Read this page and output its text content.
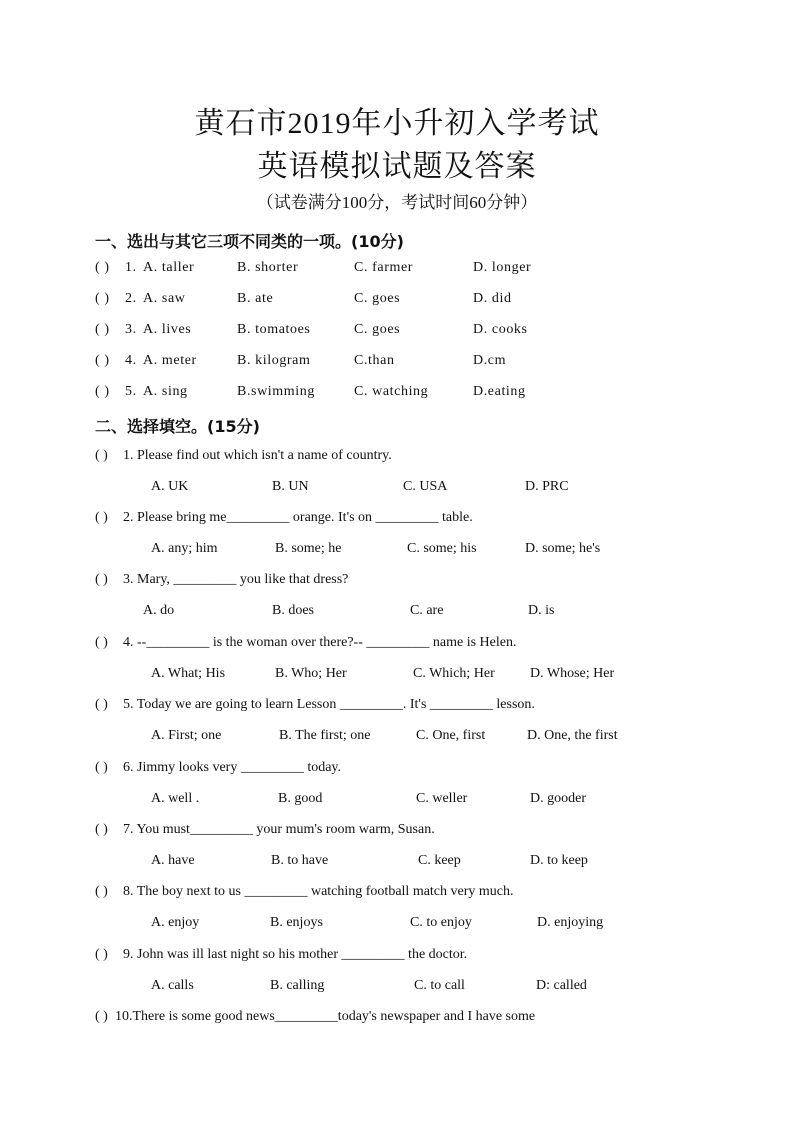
黄石市2019年小升初入学考试
英语模拟试题及答案
（试卷满分100分，考试时间60分钟）
一、选出与其它三项不同类的一项。(10分)
( ) 1. A. taller	B. shorter	C. farmer	D. longer
( ) 2. A. saw	B. ate	C. goes	D. did
( ) 3. A. lives	B. tomatoes	C. goes	D. cooks
( ) 4. A. meter	B. kilogram	C.than	D.cm
( ) 5. A. sing	B.swimming	C. watching	D.eating
二、选择填空。(15分)
( ) 1. Please find out which isn't a name of country.
A. UK	B. UN	C. USA	D. PRC
( ) 2. Please bring me_________ orange. It's on _________ table.
A. any; him	B. some; he	C. some; his	D. some; he's
( ) 3. Mary, _________ you like that dress?
A. do	B. does	C. are	D. is
( ) 4. --_________ is the woman over there?-- _________ name is Helen.
A. What; His	B. Who; Her	C. Which; Her	D. Whose; Her
( ) 5. Today we are going to learn Lesson _________. It's _________ lesson.
A. First; one	B. The first; one	C. One, first	D. One, the first
( ) 6. Jimmy looks very _________ today.
A. well .	B. good	C. weller	D. gooder
( ) 7. You must_________ your mum's room warm, Susan.
A. have	B. to have	C. keep	D. to keep
( ) 8. The boy next to us _________ watching football match very much.
A. enjoy	B. enjoys	C. to enjoy	D. enjoying
( ) 9. John was ill last night so his mother _________ the doctor.
A. calls	B. calling	C. to call	D: called
( ) 10.There is some good news_________today's newspaper and I have some
